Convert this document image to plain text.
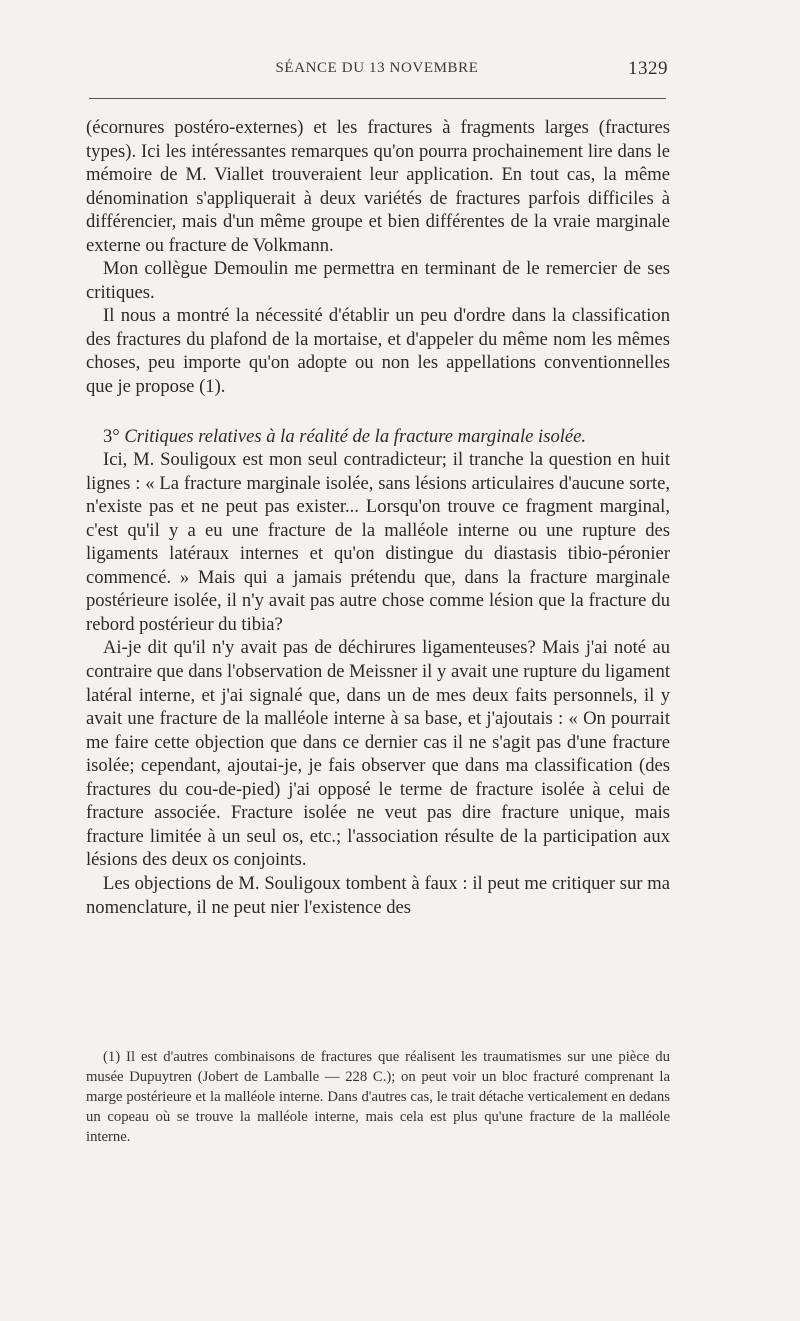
SÉANCE DU 13 NOVEMBRE	1329

(écornures postéro-externes) et les fractures à fragments larges (fractures types). Ici les intéressantes remarques qu'on pourra prochainement lire dans le mémoire de M. Viallet trouveraient leur application. En tout cas, la même dénomination s'appliquerait à deux variétés de fractures parfois difficiles à différencier, mais d'un même groupe et bien différentes de la vraie marginale externe ou fracture de Volkmann.

Mon collègue Demoulin me permettra en terminant de le remercier de ses critiques.

Il nous a montré la nécessité d'établir un peu d'ordre dans la classification des fractures du plafond de la mortaise, et d'appeler du même nom les mêmes choses, peu importe qu'on adopte ou non les appellations conventionnelles que je propose (1).

3° Critiques relatives à la réalité de la fracture marginale isolée.

Ici, M. Souligoux est mon seul contradicteur; il tranche la question en huit lignes : « La fracture marginale isolée, sans lésions articulaires d'aucune sorte, n'existe pas et ne peut pas exister... Lorsqu'on trouve ce fragment marginal, c'est qu'il y a eu une fracture de la malléole interne ou une rupture des ligaments latéraux internes et qu'on distingue du diastasis tibio-péronier commencé. » Mais qui a jamais prétendu que, dans la fracture marginale postérieure isolée, il n'y avait pas autre chose comme lésion que la fracture du rebord postérieur du tibia?

Ai-je dit qu'il n'y avait pas de déchirures ligamenteuses? Mais j'ai noté au contraire que dans l'observation de Meissner il y avait une rupture du ligament latéral interne, et j'ai signalé que, dans un de mes deux faits personnels, il y avait une fracture de la malléole interne à sa base, et j'ajoutais : « On pourrait me faire cette objection que dans ce dernier cas il ne s'agit pas d'une fracture isolée; cependant, ajoutai-je, je fais observer que dans ma classification (des fractures du cou-de-pied) j'ai opposé le terme de fracture isolée à celui de fracture associée. Fracture isolée ne veut pas dire fracture unique, mais fracture limitée à un seul os, etc.; l'association résulte de la participation aux lésions des deux os conjoints.

Les objections de M. Souligoux tombent à faux : il peut me critiquer sur ma nomenclature, il ne peut nier l'existence des

(1) Il est d'autres combinaisons de fractures que réalisent les traumatismes sur une pièce du musée Dupuytren (Jobert de Lamballe — 228 C.); on peut voir un bloc fracturé comprenant la marge postérieure et la malléole interne. Dans d'autres cas, le trait détache verticalement en dedans un copeau où se trouve la malléole interne, mais cela est plus qu'une fracture de la malléole interne.
